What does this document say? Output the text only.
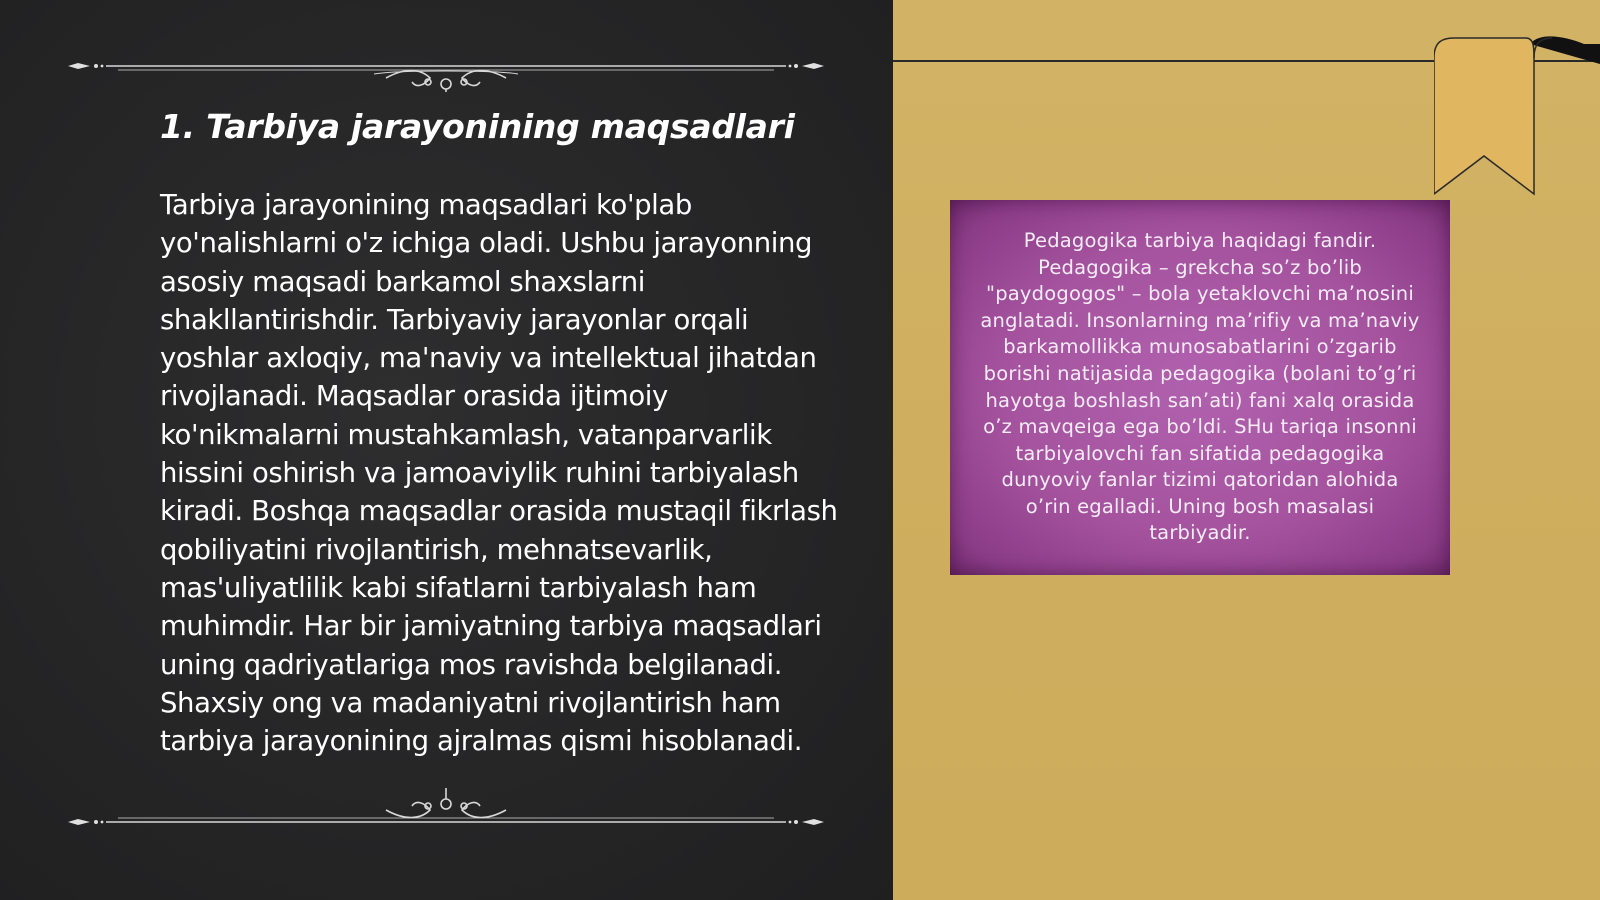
1. Tarbiya jarayonining maqsadlari

Tarbiya jarayonining maqsadlari ko'plab yo'nalishlarni o'z ichiga oladi. Ushbu jarayonning asosiy maqsadi barkamol shaxslarni shakllantirishdir. Tarbiyaviy jarayonlar orqali yoshlar axloqiy, ma'naviy va intellektual jihatdan rivojlanadi. Maqsadlar orasida ijtimoiy ko'nikmalarni mustahkamlash, vatanparvarlik hissini oshirish va jamoaviylik ruhini tarbiyalash kiradi. Boshqa maqsadlar orasida mustaqil fikrlash qobiliyatini rivojlantirish, mehnatsevarlik, mas'uliyatlilik kabi sifatlarni tarbiyalash ham muhimdir. Har bir jamiyatning tarbiya maqsadlari uning qadriyatlariga mos ravishda belgilanadi. Shaxsiy ong va madaniyatni rivojlantirish ham tarbiya jarayonining ajralmas qismi hisoblanadi.

Pedagogika tarbiya haqidagi fandir. Pedagogika – grekcha so’z bo’lib "paydogogos" – bola yetaklovchi ma’nosini anglatadi. Insonlarning ma’rifiy va ma’naviy barkamollikka munosabatlarini o’zgarib borishi natijasida pedagogika (bolani to’g’ri hayotga boshlash san’ati) fani xalq orasida o’z mavqeiga ega bo’ldi. SHu tariqa insonni tarbiyalovchi fan sifatida pedagogika dunyoviy fanlar tizimi qatoridan alohida o’rin egalladi. Uning bosh masalasi tarbiyadir.
